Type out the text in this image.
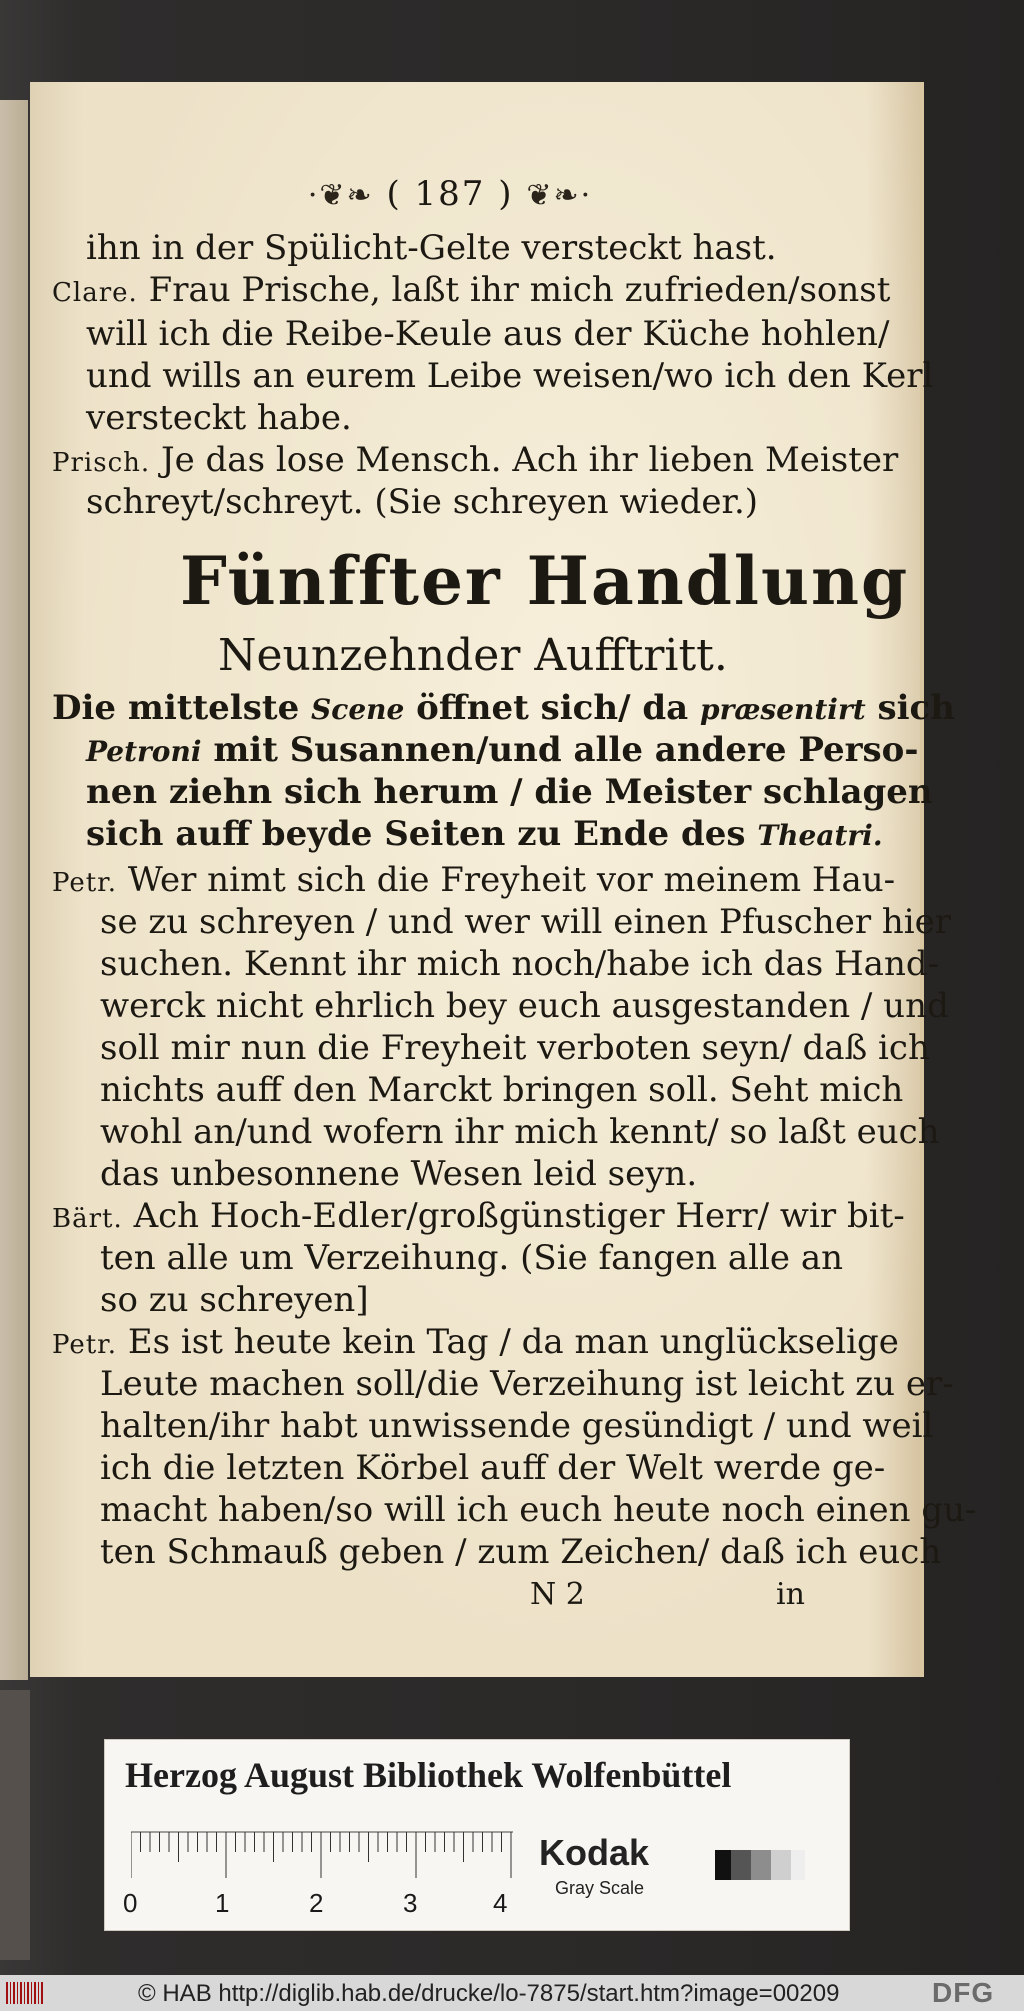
·❦❧ ( 187 ) ❦❧·
ihn in der Spülicht-Gelte versteckt hast.
Clare. Frau Prische, laßt ihr mich zufrieden/sonst
will ich die Reibe-Keule aus der Küche hohlen/
und wills an eurem Leibe weisen/wo ich den Kerl
versteckt habe.
Prisch. Je das lose Mensch. Ach ihr lieben Meister
schreyt/schreyt. (Sie schreyen wieder.)
Fünffter Handlung
Neunzehnder Aufftritt.
Die mittelste Scene öffnet sich/ da præsentirt sich
Petroni mit Susannen/und alle andere Perso-
nen ziehn sich herum / die Meister schlagen
sich auff beyde Seiten zu Ende des Theatri.
Petr. Wer nimt sich die Freyheit vor meinem Hau-
se zu schreyen / und wer will einen Pfuscher hier
suchen. Kennt ihr mich noch/habe ich das Hand-
werck nicht ehrlich bey euch ausgestanden / und
soll mir nun die Freyheit verboten seyn/ daß ich
nichts auff den Marckt bringen soll. Seht mich
wohl an/und wofern ihr mich kennt/ so laßt euch
das unbesonnene Wesen leid seyn.
Bärt. Ach Hoch-Edler/großgünstiger Herr/ wir bit-
ten alle um Verzeihung. (Sie fangen alle an
so zu schreyen]
Petr. Es ist heute kein Tag / da man unglückselige
Leute machen soll/die Verzeihung ist leicht zu er-
halten/ihr habt unwissende gesündigt / und weil
ich die letzten Körbel auff der Welt werde ge-
macht haben/so will ich euch heute noch einen gu-
ten Schmauß geben / zum Zeichen/ daß ich euch
N 2	in
Herzog August Bibliothek Wolfenbüttel
0	1	2	3	4
Kodak
Gray Scale
© HAB http://diglib.hab.de/drucke/lo-7875/start.htm?image=00209	DFG
